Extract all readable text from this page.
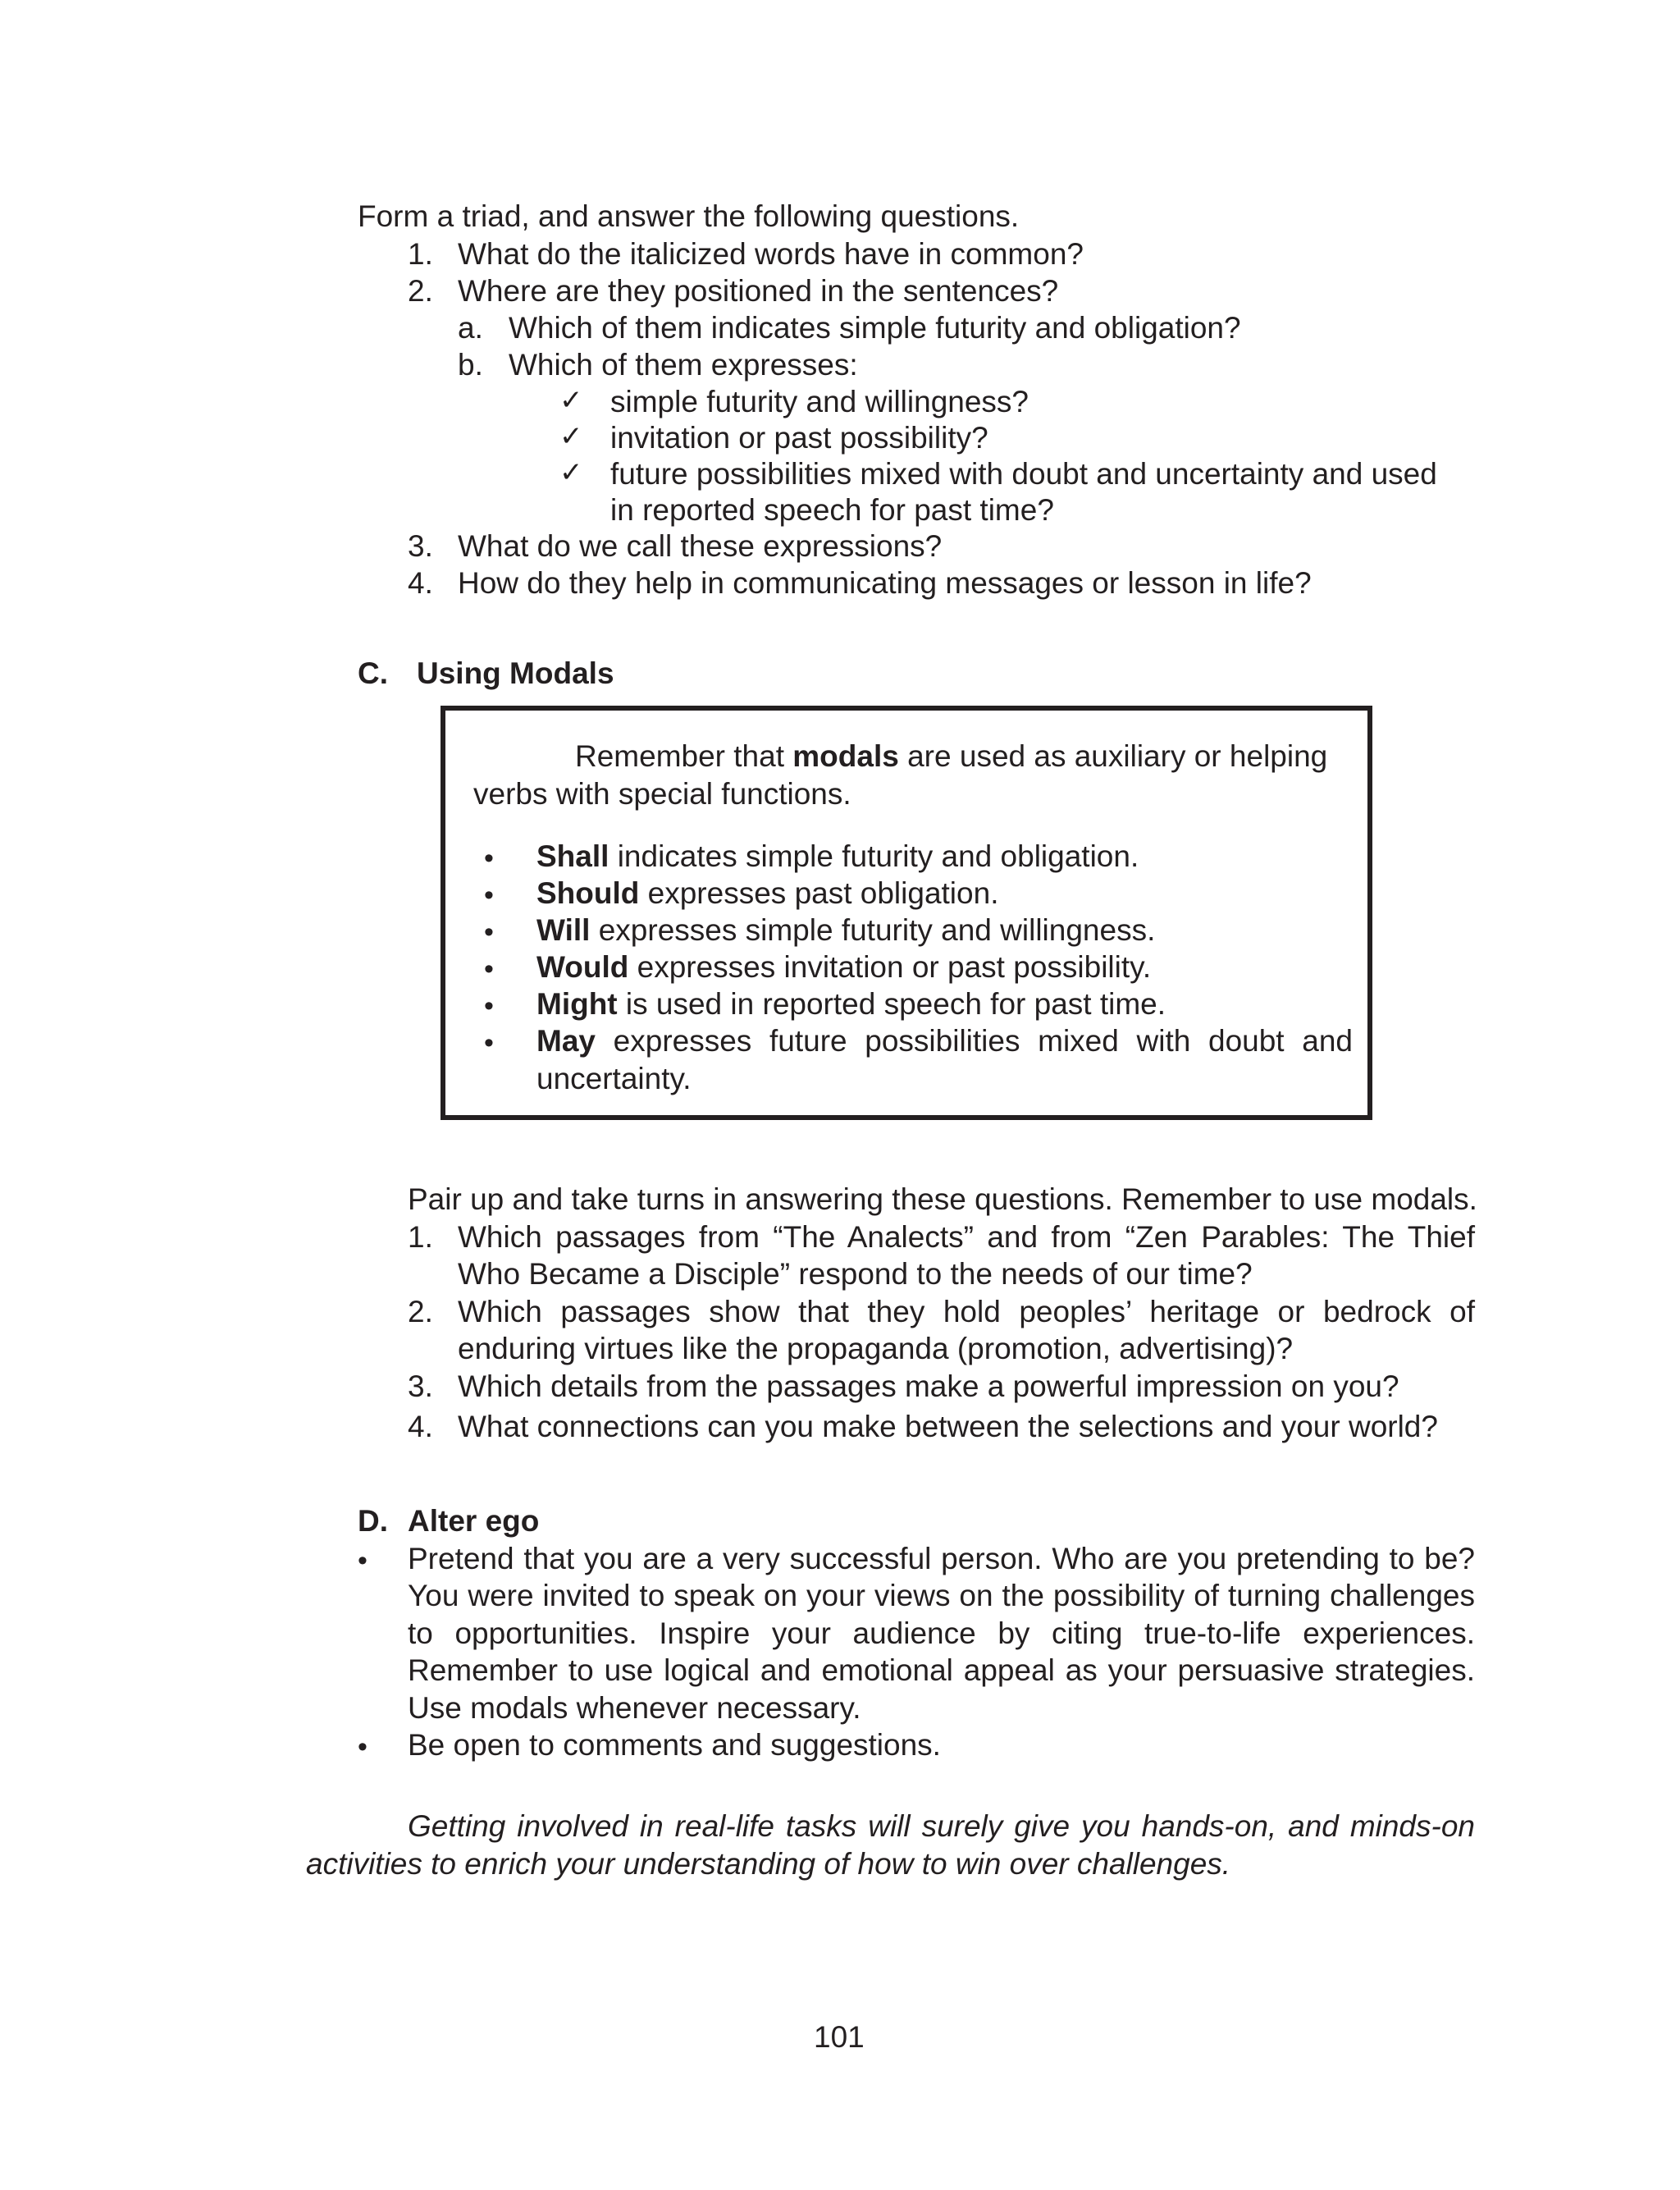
Form a triad, and answer the following questions.
1. What do the italicized words have in common?
2. Where are they positioned in the sentences?
a. Which of them indicates simple futurity and obligation?
b. Which of them expresses:
✓ simple futurity and willingness?
✓ invitation or past possibility?
✓ future possibilities mixed with doubt and uncertainty and used
in reported speech for past time?
3. What do we call these expressions?
4. How do they help in communicating messages or lesson in life?
C. Using Modals
Remember that modals are used as auxiliary or helping
verbs with special functions.
• Shall indicates simple futurity and obligation.
• Should expresses past obligation.
• Will expresses simple futurity and willingness.
• Would expresses invitation or past possibility.
• Might is used in reported speech for past time.
• May expresses future possibilities mixed with doubt and
uncertainty.
Pair up and take turns in answering these questions. Remember to use modals.
1. Which passages from “The Analects” and from “Zen Parables: The Thief
Who Became a Disciple” respond to the needs of our time?
2. Which passages show that they hold peoples’ heritage or bedrock of
enduring virtues like the propaganda (promotion, advertising)?
3. Which details from the passages make a powerful impression on you?
4. What connections can you make between the selections and your world?
D. Alter ego
• Pretend that you are a very successful person. Who are you pretending to be?
You were invited to speak on your views on the possibility of turning challenges
to opportunities. Inspire your audience by citing true-to-life experiences.
Remember to use logical and emotional appeal as your persuasive strategies.
Use modals whenever necessary.
• Be open to comments and suggestions.
Getting involved in real-life tasks will surely give you hands-on, and minds-on
activities to enrich your understanding of how to win over challenges.
101
